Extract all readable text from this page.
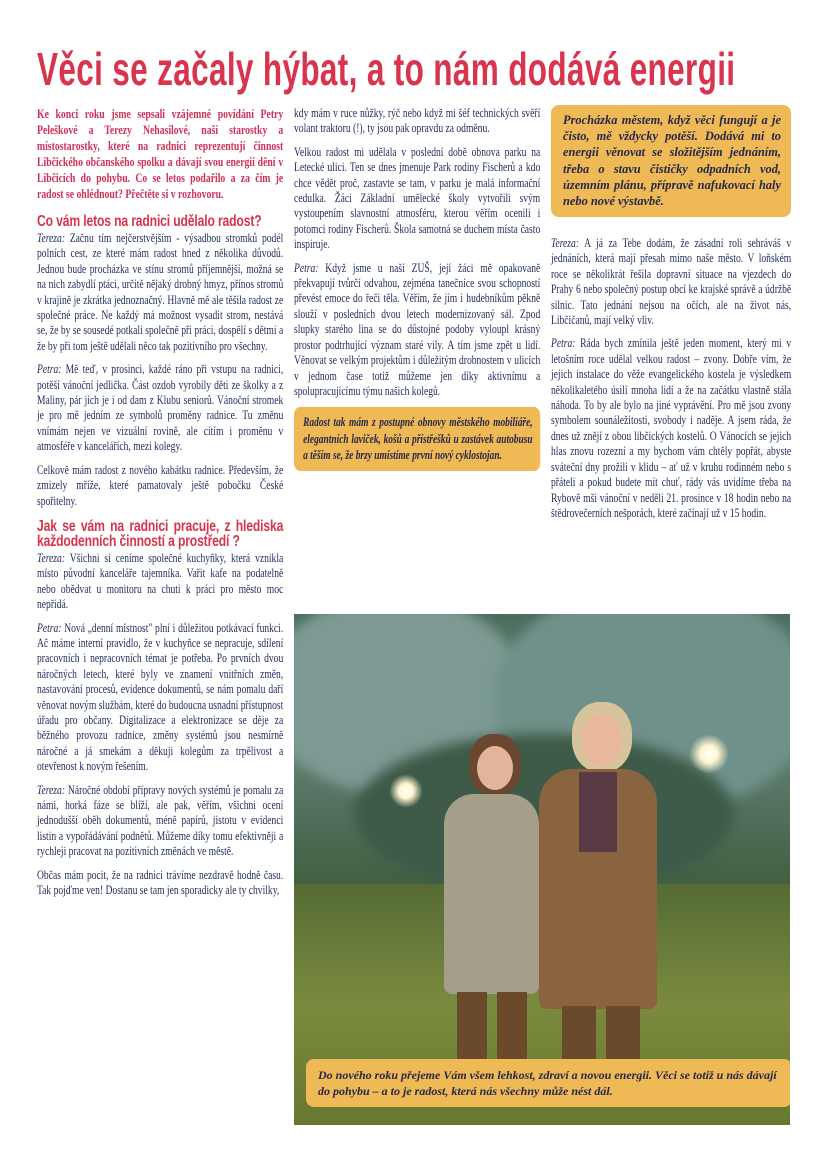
Věci se začaly hýbat, a to nám dodává energii

Ke konci roku jsme sepsali vzájemné povídání Petry Peleškové a Terezy Nehasilové, naší starostky a místostarostky, které na radnici reprezentují činnost Libčického občanského spolku a dávají svou energií dění v Libčicích do pohybu. Co se letos podařilo a za čím je radost se ohlédnout? Přečtěte si v rozhovoru.

Co vám letos na radnici udělalo radost?

Tereza: Začnu tím nejčerstvějším - výsadbou stromků podél polních cest, ze které mám radost hned z několika důvodů. Jednou bude procházka ve stínu stromů příjemnější, možná se na nich zabydlí ptáci, určitě nějaký drobný hmyz, přínos stromů v krajině je zkrátka jednoznačný. Hlavně mě ale těšila radost ze společné práce. Ne každý má možnost vysadit strom, nestává se, že by se sousedé potkali společně při práci, dospělí s dětmi a že by při tom ještě udělali něco tak pozitivního pro všechny.

Petra: Mě teď, v prosinci, každé ráno při vstupu na radnici, potěší vánoční jedlička. Část ozdob vyrobily děti ze školky a z Maliny, pár jich je i od dam z Klubu seniorů. Vánoční stromek je pro mě jedním ze symbolů proměny radnice. Tu změnu vnímám nejen ve vizuální rovině, ale cítím i proměnu v atmosféře v kancelářích, mezi kolegy.

Celkově mám radost z nového kabátku radnice. Především, že zmizely mříže, které pamatovaly ještě pobočku České spořitelny.

Jak se vám na radnici pracuje, z hlediska každodenních činností a prostředí ?

Tereza: Všichni si ceníme společné kuchyňky, která vznikla místo původní kanceláře tajemníka. Vařit kafe na podatelně nebo obědvat u monitoru na chuti k práci pro město moc nepřidá.

Petra: Nová „denní místnost" plní i důležitou potkávací funkci. Ač máme interní pravidlo, že v kuchyňce se nepracuje, sdílení pracovních i nepracovních témat je potřeba. Po prvních dvou náročných letech, které byly ve znamení vnitřních změn, nastavování procesů, evidence dokumentů, se nám pomalu daří věnovat novým službám, které do budoucna usnadní přístupnost úřadu pro občany. Digitalizace a elektronizace se děje za běžného provozu radnice, změny systémů jsou nesmírně náročné a já smekám a děkuji kolegům za trpělivost a otevřenost k novým řešením.

Tereza: Náročné období přípravy nových systémů je pomalu za námi, horká fáze se blíží, ale pak, věřím, všichni ocení jednodušší oběh dokumentů, méně papírů, jistotu v evidenci listin a vypořádávání podnětů. Můžeme díky tomu efektivněji a rychleji pracovat na pozitivních změnách ve městě.

Občas mám pocit, že na radnici trávíme nezdravě hodně času. Tak pojďme ven! Dostanu se tam jen sporadicky ale ty chvilky,

kdy mám v ruce nůžky, rýč nebo když mi šéf technických svěří volant traktoru (!), ty jsou pak opravdu za odměnu.

Velkou radost mi udělala v poslední době obnova parku na Letecké ulici. Ten se dnes jmenuje Park rodiny Fischerů a kdo chce vědět proč, zastavte se tam, v parku je malá informační cedulka. Žáci Základní umělecké školy vytvořili svým vystoupením slavnostní atmosféru, kterou věřím ocenili i potomci rodiny Fischerů. Škola samotná se duchem místa často inspiruje.

Petra: Když jsme u naší ZUŠ, její žáci mě opakovaně překvapují tvůrčí odvahou, zejména tanečnice svou schopností převést emoce do řeči těla. Věřím, že jim i hudebníkům pěkně slouží v posledních dvou letech modernizovaný sál. Zpod slupky starého lina se do důstojné podoby vyloupl krásný prostor podtrhující význam staré vily. A tím jsme zpět u lidí. Věnovat se velkým projektům i důležitým drobnostem v ulicích v jednom čase totiž můžeme jen díky aktivnímu a spolupracujícímu týmu našich kolegů.

Radost tak mám z postupné obnovy městského mobiliáře, elegantních laviček, košů a přístřešků u zastávek autobusu a těším se, že brzy umístíme první nový cyklostojan.
Procházka městem, když věci fungují a je čisto, mě vždycky potěší. Dodává mi to energii věnovat se složitějším jednáním, třeba o stavu čističky odpadních vod, územním plánu, přípravě nafukovací haly nebo nové výstavbě.

Tereza: A já za Tebe dodám, že zásadní roli sehráváš v jednáních, která mají přesah mimo naše město. V loňském roce se několikrát řešila dopravní situace na vjezdech do Prahy 6 nebo společný postup obcí ke krajské správě a údržbě silnic. Tato jednání nejsou na očích, ale na život nás, Libčičanů, mají velký vliv.

Petra: Ráda bych zmínila ještě jeden moment, který mi v letošním roce udělal velkou radost – zvony. Dobře vím, že jejich instalace do věže evangelického kostela je výsledkem několikaletého úsilí mnoha lidí a že na začátku vlastně stála náhoda. To by ale bylo na jiné vyprávění. Pro mě jsou zvony symbolem sounáležitosti, svobody i naděje. A jsem ráda, že dnes už znějí z obou libčických kostelů. O Vánocích se jejich hlas znovu rozezní a my bychom vám chtěly popřát, abyste sváteční dny prožili v klidu – ať už v kruhu rodinném nebo s přáteli a pokud budete mít chuť, rády vás uvidíme třeba na Rybově mši vánoční v neděli 21. prosince v 18 hodin nebo na štědrovečerních nešporách, které začínají už v 15 hodin.

Do nového roku přejeme Vám všem lehkost, zdraví a novou energii. Věci se totiž u nás dávají do pohybu – a to je radost, která nás všechny může nést dál.
